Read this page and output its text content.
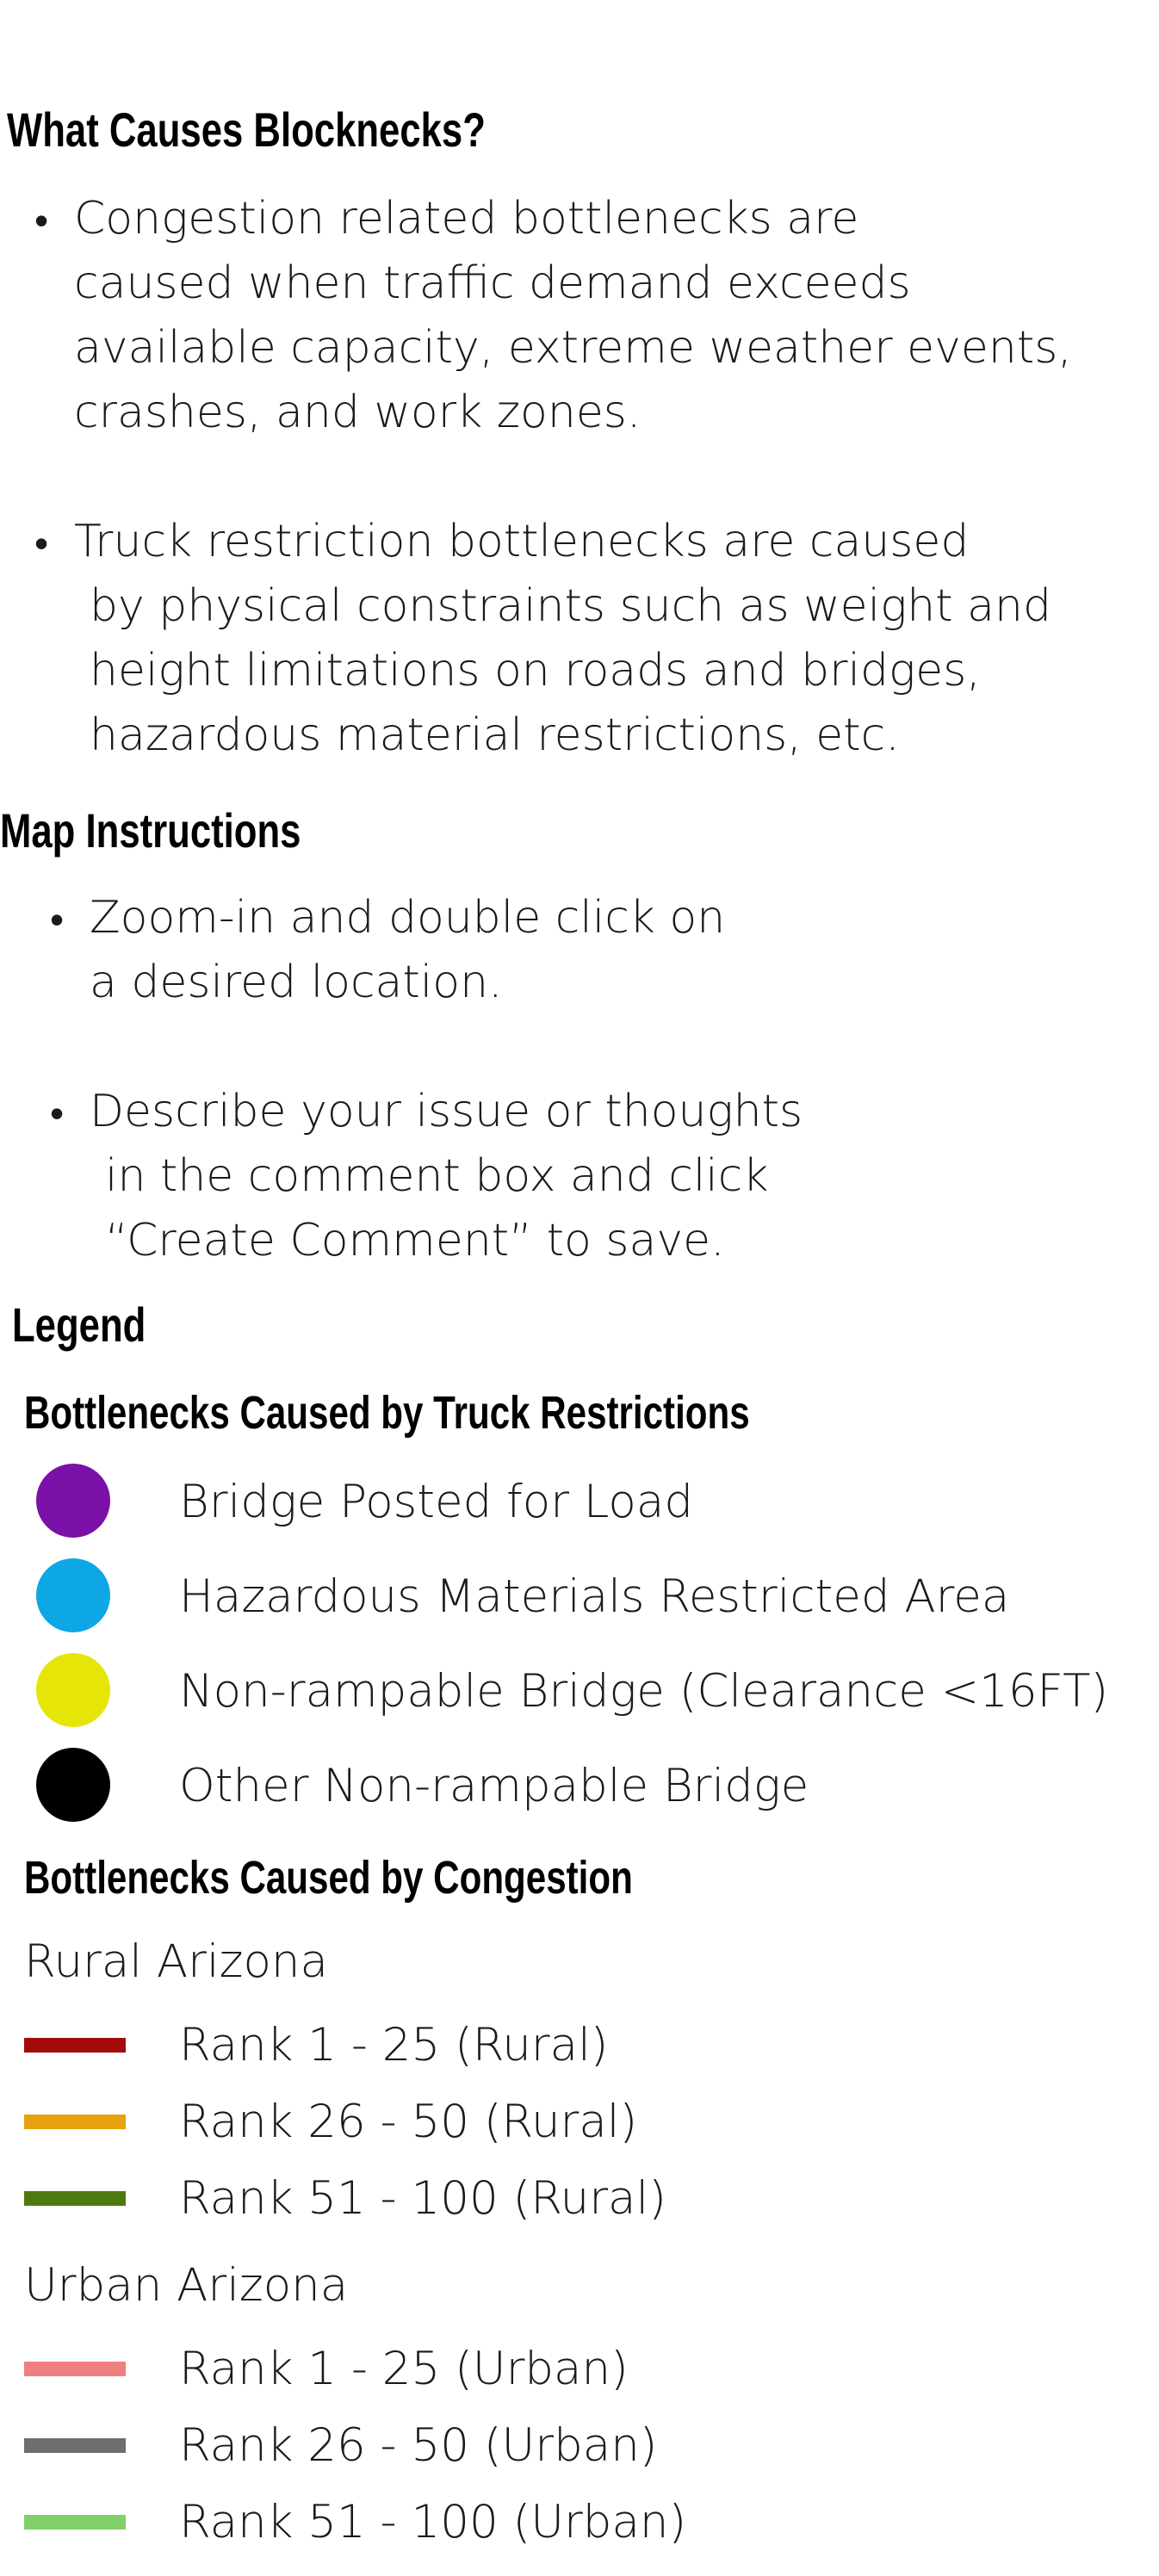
What Causes Blocknecks?
• Congestion related bottlenecks are
caused when traffic demand exceeds
available capacity, extreme weather events,
crashes, and work zones.
• Truck restriction bottlenecks are caused
by physical constraints such as weight and
height limitations on roads and bridges,
hazardous material restrictions, etc.
Map Instructions
• Zoom-in and double click on
a desired location.
• Describe your issue or thoughts
in the comment box and click
“Create Comment” to save.
Legend
Bottlenecks Caused by Truck Restrictions
Bridge Posted for Load
Hazardous Materials Restricted Area
Non-rampable Bridge (Clearance <16FT)
Other Non-rampable Bridge
Bottlenecks Caused by Congestion
Rural Arizona
Rank 1 - 25 (Rural)
Rank 26 - 50 (Rural)
Rank 51 - 100 (Rural)
Urban Arizona
Rank 1 - 25 (Urban)
Rank 26 - 50 (Urban)
Rank 51 - 100 (Urban)
